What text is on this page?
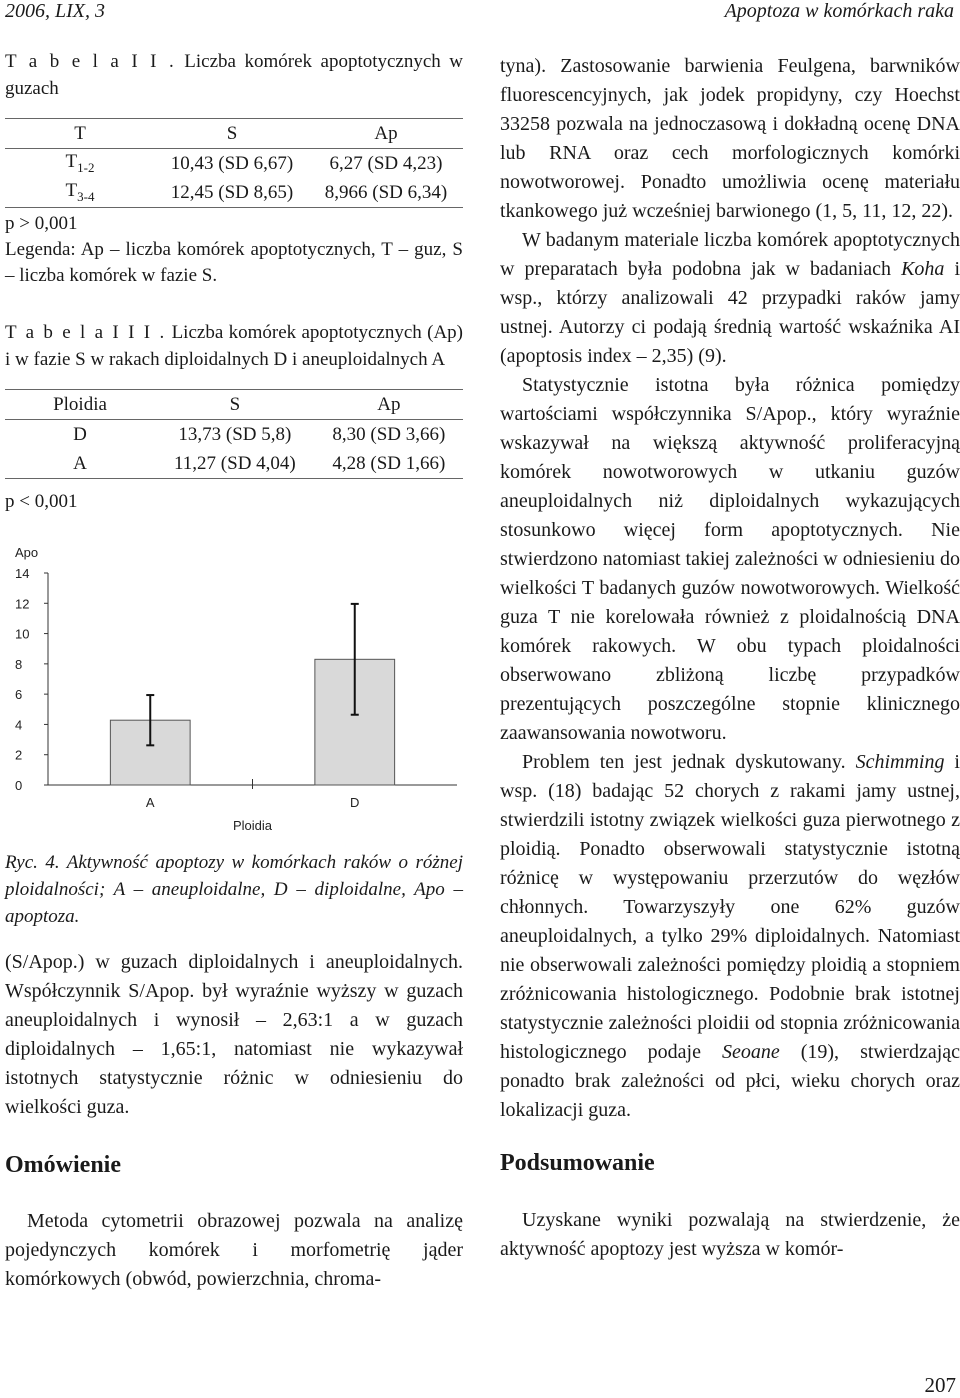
2006, LIX, 3	Apoptoza w komórkach raka

T a b e l a I I . Liczba komórek apoptotycznych w guzach

T	S	Ap
$T_{1-2}$	10,43 (SD 6,67)	6,27 (SD 4,23)
$T_{3-4}$	12,45 (SD 8,65)	8,966 (SD 6,34)

p > 0,001

Legenda: Ap – liczba komórek apoptotycznych, T – guz, S – liczba komórek w fazie S.

T a b e l a I I I . Liczba komórek apoptotycznych (Ap) i w fazie S w rakach diploidalnych D i aneuploidalnych A

Ploidia	S	Ap
D	13,73 (SD 5,8)	8,30 (SD 3,66)
A	11,27 (SD 4,04)	4,28 (SD 1,66)

p < 0,001

Apo
0
2
4
6
8
10
12
14
A	D
Ploidia

Ryc. 4. Aktywność apoptozy w komórkach raków o różnej ploidalności; A – aneuploidalne, D – diploidalne, Apo – apoptoza.

(S/Apop.) w guzach diploidalnych i aneuploidalnych. Współczynnik S/Apop. był wyraźnie wyższy w guzach aneuploidalnych i wynosił – 2,63:1 a w guzach diploidalnych – 1,65:1, natomiast nie wykazywał istotnych statystycznie różnic w odniesieniu do wielkości guza.

Omówienie

Metoda cytometrii obrazowej pozwala na analizę pojedynczych komórek i morfometrię jąder komórkowych (obwód, powierzchnia, chroma-

tyna). Zastosowanie barwienia Feulgena, barwników fluorescencyjnych, jak jodek propidyny, czy Hoechst 33258 pozwala na jednoczasową i dokładną ocenę DNA lub RNA oraz cech morfologicznych komórki nowotworowej. Ponadto umożliwia ocenę materiału tkankowego już wcześniej barwionego (1, 5, 11, 12, 22).

W badanym materiale liczba komórek apoptotycznych w preparatach była podobna jak w badaniach Koha i wsp., którzy analizowali 42 przypadki raków jamy ustnej. Autorzy ci podają średnią wartość wskaźnika AI (apoptosis index – 2,35) (9).

Statystycznie istotna była różnica pomiędzy wartościami współczynnika S/Apop., który wyraźnie wskazywał na większą aktywność proliferacyjną komórek nowotworowych w utkaniu guzów aneuploidalnych niż diploidalnych wykazujących stosunkowo więcej form apoptotycznych. Nie stwierdzono natomiast takiej zależności w odniesieniu do wielkości T badanych guzów nowotworowych. Wielkość guza T nie korelowała również z ploidalnością DNA komórek rakowych. W obu typach ploidalności obserwowano zbliżoną liczbę przypadków prezentujących poszczególne stopnie klinicznego zaawansowania nowotworu.

Problem ten jest jednak dyskutowany. Schimming i wsp. (18) badając 52 chorych z rakami jamy ustnej, stwierdzili istotny związek wielkości guza pierwotnego z ploidią. Ponadto obserwowali statystycznie istotną różnicę w występowaniu przerzutów do węzłów chłonnych. Towarzyszyły one 62% guzów aneuploidalnych, a tylko 29% diploidalnych. Natomiast nie obserwowali zależności pomiędzy ploidią a stopniem zróżnicowania histologicznego. Podobnie brak istotnej statystycznie zależności ploidii od stopnia zróżnicowania histologicznego podaje Seoane (19), stwierdzając ponadto brak zależności od płci, wieku chorych oraz lokalizacji guza.

Podsumowanie

Uzyskane wyniki pozwalają na stwierdzenie, że aktywność apoptozy jest wyższa w komór-

207
